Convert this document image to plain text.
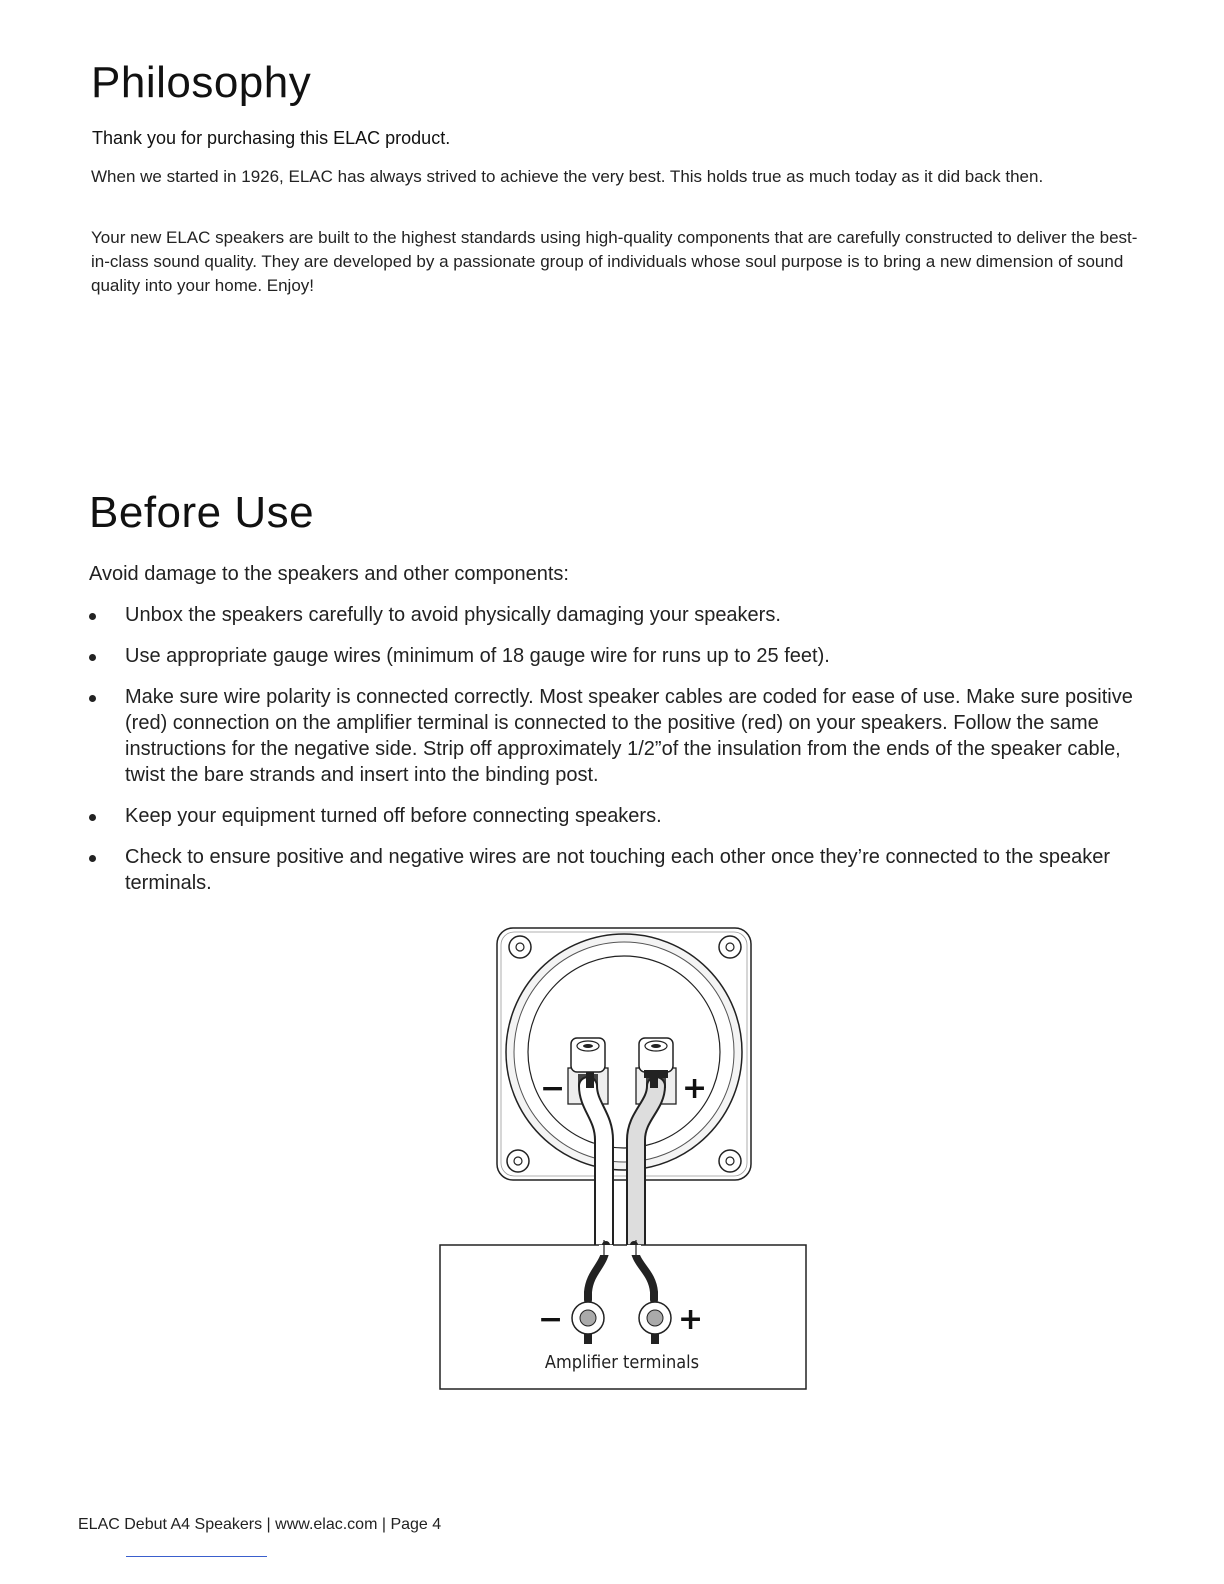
Philosophy
Thank you for purchasing this ELAC product.

When we started in 1926, ELAC has always strived to achieve the very best. This holds true as much today as it did back then.

Your new ELAC speakers are built to the highest standards using high-quality components that are carefully constructed to deliver the best-in-class sound quality. They are developed by a passionate group of individuals whose soul purpose is to bring a new dimension of sound quality into your home. Enjoy!

Before Use
Avoid damage to the speakers and other components:
Unbox the speakers carefully to avoid physically damaging your speakers.
Use appropriate gauge wires (minimum of 18 gauge wire for runs up to 25 feet).
Make sure wire polarity is connected correctly. Most speaker cables are coded for ease of use. Make sure positive (red) connection on the amplifier terminal is connected to the positive (red) on your speakers. Follow the same instructions for the negative side. Strip off approximately 1/2”of the insulation from the ends of the speaker cable, twist the bare strands and insert into the binding post.
Keep your equipment turned off before connecting speakers.
Check to ensure positive and negative wires are not touching each other once they’re connected to the speaker terminals.
−	+
−	+
Amplifier terminals
ELAC Debut A4 Speakers | www.elac.com | Page 4
